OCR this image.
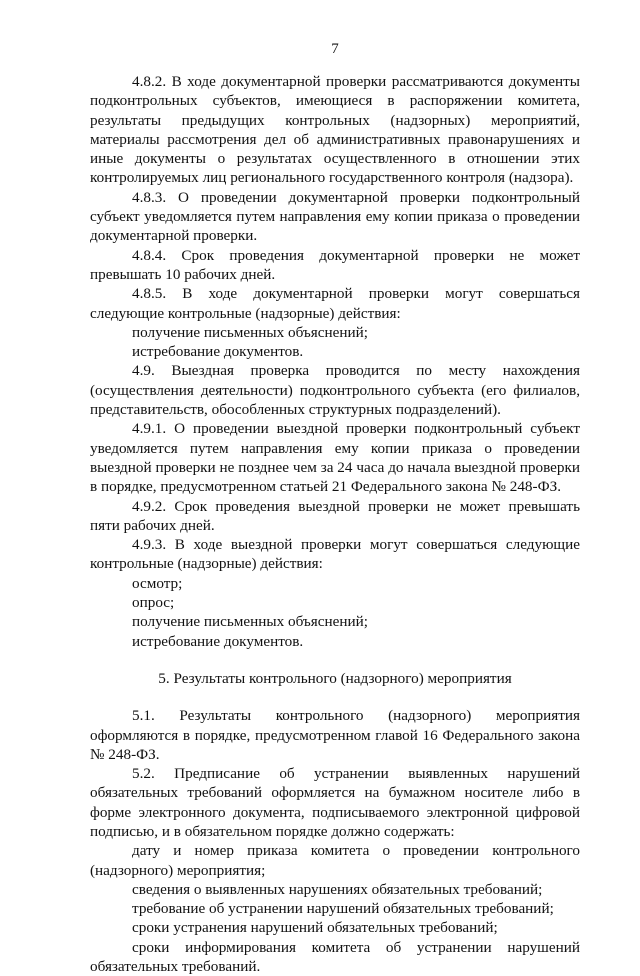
7

4.8.2. В ходе документарной проверки рассматриваются документы подконтрольных субъектов, имеющиеся в распоряжении комитета, результаты предыдущих контрольных (надзорных) мероприятий, материалы рассмотрения дел об административных правонарушениях и иные документы о результатах осуществленного в отношении этих контролируемых лиц регионального государственного контроля (надзора).

4.8.3. О проведении документарной проверки подконтрольный субъект уведомляется путем направления ему копии приказа о проведении документарной проверки.

4.8.4. Срок проведения документарной проверки не может превышать 10 рабочих дней.

4.8.5. В ходе документарной проверки могут совершаться следующие контрольные (надзорные) действия:

получение письменных объяснений;

истребование документов.

4.9. Выездная проверка проводится по месту нахождения (осуществления деятельности) подконтрольного субъекта (его филиалов, представительств, обособленных структурных подразделений).

4.9.1. О проведении выездной проверки подконтрольный субъект уведомляется путем направления ему копии приказа о проведении выездной проверки не позднее чем за 24 часа до начала выездной проверки в порядке, предусмотренном статьей 21 Федерального закона № 248-ФЗ.

4.9.2. Срок проведения выездной проверки не может превышать пяти рабочих дней.

4.9.3. В ходе выездной проверки могут совершаться следующие контрольные (надзорные) действия:

осмотр;

опрос;

получение письменных объяснений;

истребование документов.

5. Результаты контрольного (надзорного) мероприятия

5.1. Результаты контрольного (надзорного) мероприятия оформляются в порядке, предусмотренном главой 16 Федерального закона № 248-ФЗ.

5.2. Предписание об устранении выявленных нарушений обязательных требований оформляется на бумажном носителе либо в форме электронного документа, подписываемого электронной цифровой подписью, и в обязательном порядке должно содержать:

дату и номер приказа комитета о проведении контрольного (надзорного) мероприятия;

сведения о выявленных нарушениях обязательных требований;

требование об устранении нарушений обязательных требований;

сроки устранения нарушений обязательных требований;

сроки информирования комитета об устранении нарушений обязательных требований.
